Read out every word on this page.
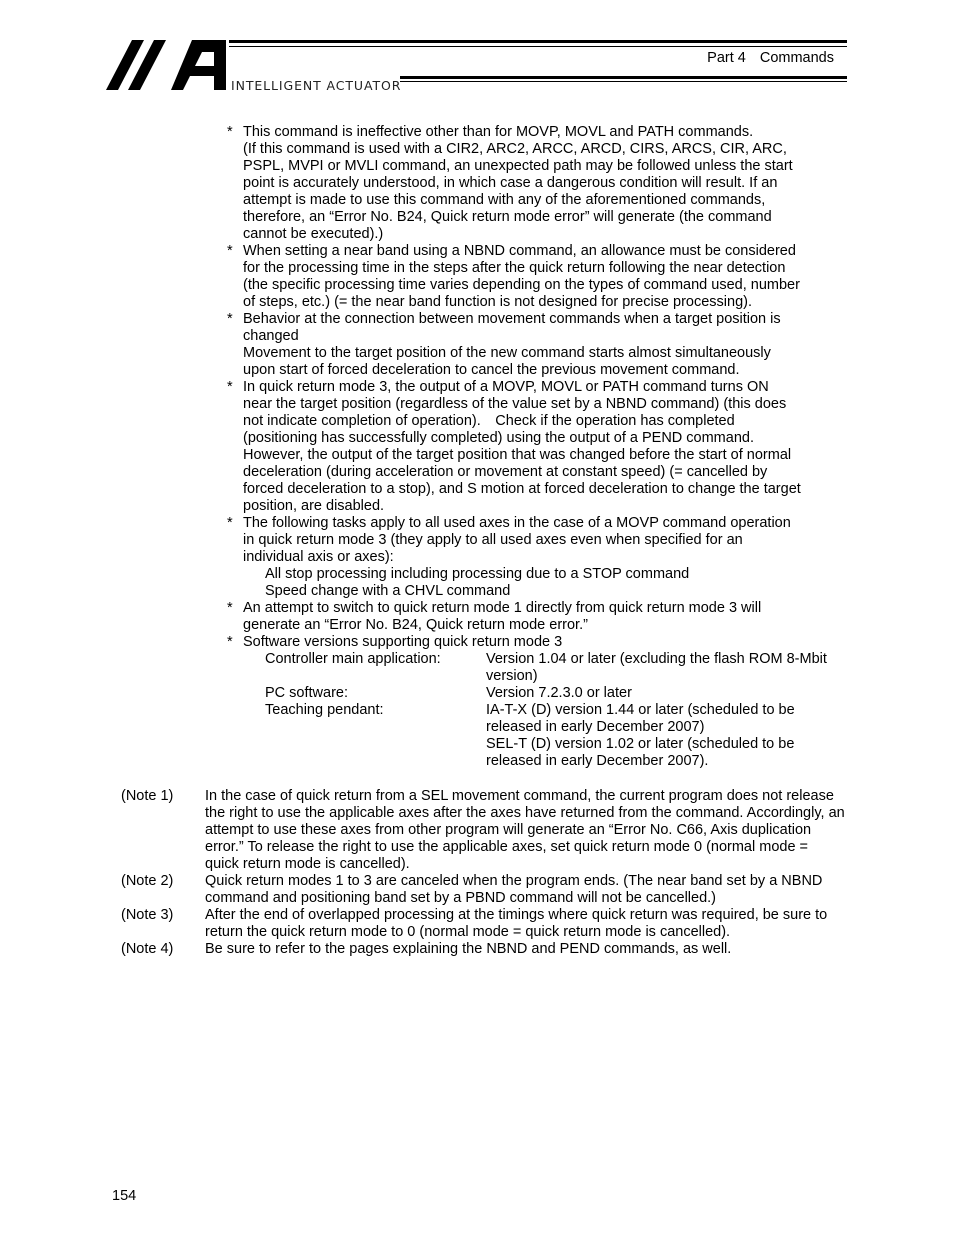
INTELLIGENT ACTUATOR
Part 4 Commands
* This command is ineffective other than for MOVP, MOVL and PATH commands.
(If this command is used with a CIR2, ARC2, ARCC, ARCD, CIRS, ARCS, CIR, ARC,
PSPL, MVPI or MVLI command, an unexpected path may be followed unless the start
point is accurately understood, in which case a dangerous condition will result. If an
attempt is made to use this command with any of the aforementioned commands,
therefore, an “Error No. B24, Quick return mode error” will generate (the command
cannot be executed).)
* When setting a near band using a NBND command, an allowance must be considered
for the processing time in the steps after the quick return following the near detection
(the specific processing time varies depending on the types of command used, number
of steps, etc.) (= the near band function is not designed for precise processing).
* Behavior at the connection between movement commands when a target position is
changed
Movement to the target position of the new command starts almost simultaneously
upon start of forced deceleration to cancel the previous movement command.
* In quick return mode 3, the output of a MOVP, MOVL or PATH command turns ON
near the target position (regardless of the value set by a NBND command) (this does
not indicate completion of operation). Check if the operation has completed
(positioning has successfully completed) using the output of a PEND command.
However, the output of the target position that was changed before the start of normal
deceleration (during acceleration or movement at constant speed) (= cancelled by
forced deceleration to a stop), and S motion at forced deceleration to change the target
position, are disabled.
* The following tasks apply to all used axes in the case of a MOVP command operation
in quick return mode 3 (they apply to all used axes even when specified for an
individual axis or axes):
All stop processing including processing due to a STOP command
Speed change with a CHVL command
* An attempt to switch to quick return mode 1 directly from quick return mode 3 will
generate an “Error No. B24, Quick return mode error.”
* Software versions supporting quick return mode 3
Controller main application:	Version 1.04 or later (excluding the flash ROM 8-Mbit version)
PC software:	Version 7.2.3.0 or later
Teaching pendant:	IA-T-X (D) version 1.44 or later (scheduled to be released in early December 2007)
SEL-T (D) version 1.02 or later (scheduled to be released in early December 2007).
(Note 1)	In the case of quick return from a SEL movement command, the current program does not release the right to use the applicable axes after the axes have returned from the command. Accordingly, an attempt to use these axes from other program will generate an “Error No. C66, Axis duplication error.” To release the right to use the applicable axes, set quick return mode 0 (normal mode = quick return mode is cancelled).
(Note 2)	Quick return modes 1 to 3 are canceled when the program ends. (The near band set by a NBND command and positioning band set by a PBND command will not be cancelled.)
(Note 3)	After the end of overlapped processing at the timings where quick return was required, be sure to return the quick return mode to 0 (normal mode = quick return mode is cancelled).
(Note 4)	Be sure to refer to the pages explaining the NBND and PEND commands, as well.
154
